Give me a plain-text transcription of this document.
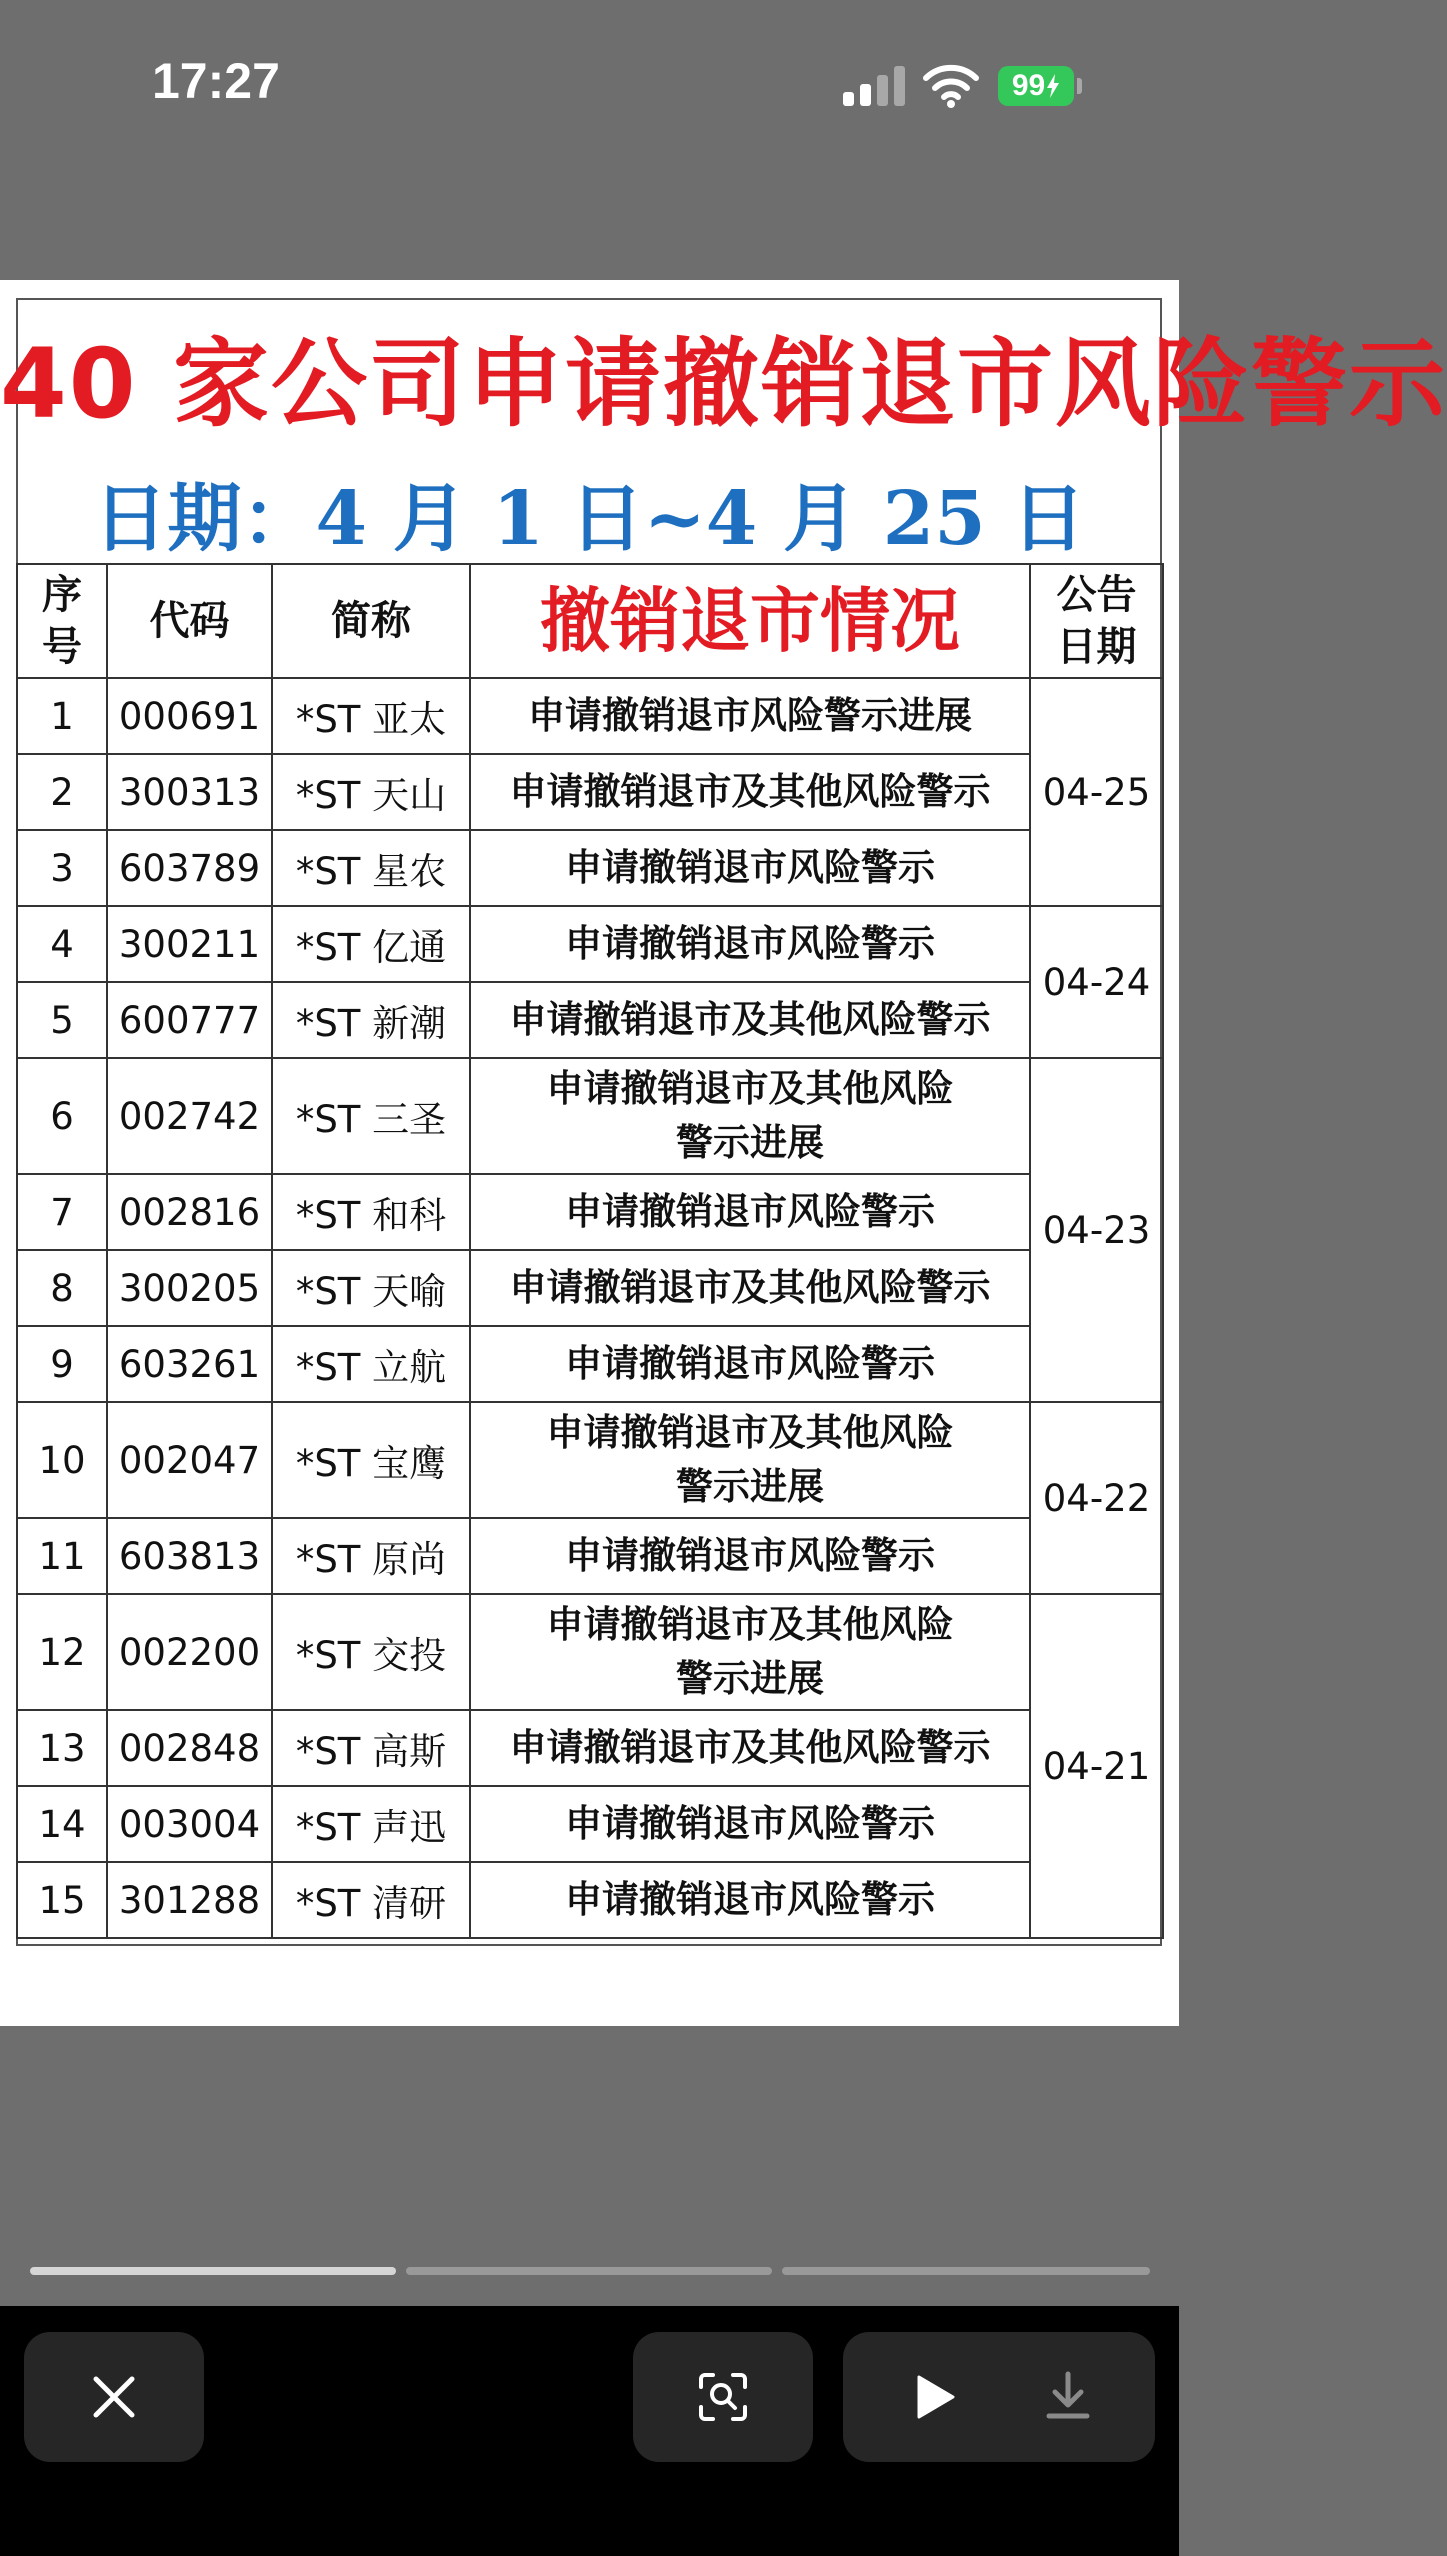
17:27	99
40 家公司申请撤销退市风险警示
日期：4 月 1 日~4 月 25 日
序
号	代码	简称	撤销退市情况	公告
日期
1	000691	*ST 亚太	申请撤销退市风险警示进展	04-25
2	300313	*ST 天山	申请撤销退市及其他风险警示	
3	603789	*ST 星农	申请撤销退市风险警示	
4	300211	*ST 亿通	申请撤销退市风险警示	04-24
5	600777	*ST 新潮	申请撤销退市及其他风险警示	
6	002742	*ST 三圣	申请撤销退市及其他风险
警示进展	04-23
7	002816	*ST 和科	申请撤销退市风险警示	
8	300205	*ST 天喻	申请撤销退市及其他风险警示	
9	603261	*ST 立航	申请撤销退市风险警示	
10	002047	*ST 宝鹰	申请撤销退市及其他风险
警示进展	04-22
11	603813	*ST 原尚	申请撤销退市风险警示	
12	002200	*ST 交投	申请撤销退市及其他风险
警示进展	04-21
13	002848	*ST 高斯	申请撤销退市及其他风险警示	
14	003004	*ST 声迅	申请撤销退市风险警示	
15	301288	*ST 清研	申请撤销退市风险警示	
